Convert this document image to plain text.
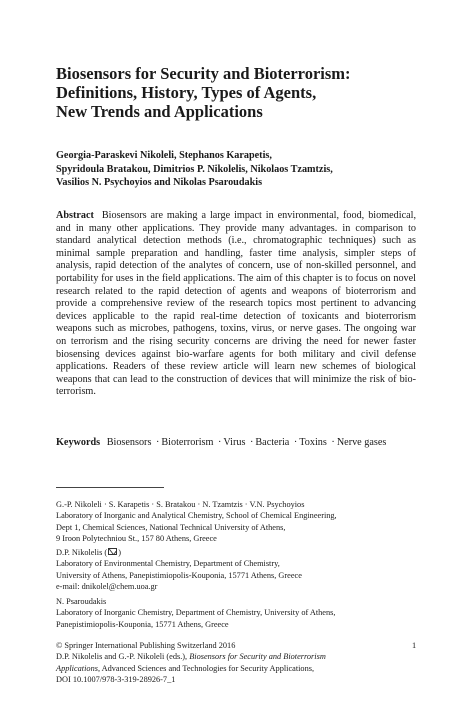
Biosensors for Security and Bioterrorism:
Definitions, History, Types of Agents,
New Trends and Applications
Georgia-Paraskevi Nikoleli, Stephanos Karapetis,
Spyridoula Bratakou, Dimitrios P. Nikolelis, Nikolaos Tzamtzis,
Vasilios N. Psychoyios and Nikolas Psaroudakis
Abstract Biosensors are making a large impact in environmental, food, biomedical, and in many other applications. They provide many advantages. in comparison to standard analytical detection methods (i.e., chromatographic techniques) such as minimal sample preparation and handling, faster time analysis, simpler steps of analysis, rapid detection of the analytes of concern, use of non-skilled personnel, and portability for uses in the field applications. The aim of this chapter is to focus on novel research related to the rapid detection of agents and weapons of bioterrorism and provide a comprehensive review of the research topics most pertinent to advancing devices applicable to the rapid real-time detection of toxicants and bioterrorism weapons such as microbes, pathogens, toxins, virus, or nerve gases. The ongoing war on terrorism and the rising security concerns are driving the need for newer faster biosensing devices against bio-warfare agents for both military and civil defense applications. Readers of these review article will learn new schemes of biological weapons that can lead to the construction of devices that will minimize the risk of bio-terrorism.
Keywords Biosensors · Bioterrorism · Virus · Bacteria · Toxins · Nerve gases
G.-P. Nikoleli · S. Karapetis · S. Bratakou · N. Tzamtzis · V.N. Psychoyios
Laboratory of Inorganic and Analytical Chemistry, School of Chemical Engineering,
Dept 1, Chemical Sciences, National Technical University of Athens,
9 Iroon Polytechniou St., 157 80 Athens, Greece
D.P. Nikolelis ( )
Laboratory of Environmental Chemistry, Department of Chemistry,
University of Athens, Panepistimiopolis-Kouponia, 15771 Athens, Greece
e-mail: dnikolel@chem.uoa.gr
N. Psaroudakis
Laboratory of Inorganic Chemistry, Department of Chemistry, University of Athens,
Panepistimiopolis-Kouponia, 15771 Athens, Greece
© Springer International Publishing Switzerland 2016
D.P. Nikolelis and G.-P. Nikoleli (eds.), Biosensors for Security and Bioterrorism
Applications, Advanced Sciences and Technologies for Security Applications,
DOI 10.1007/978-3-319-28926-7_1
1
